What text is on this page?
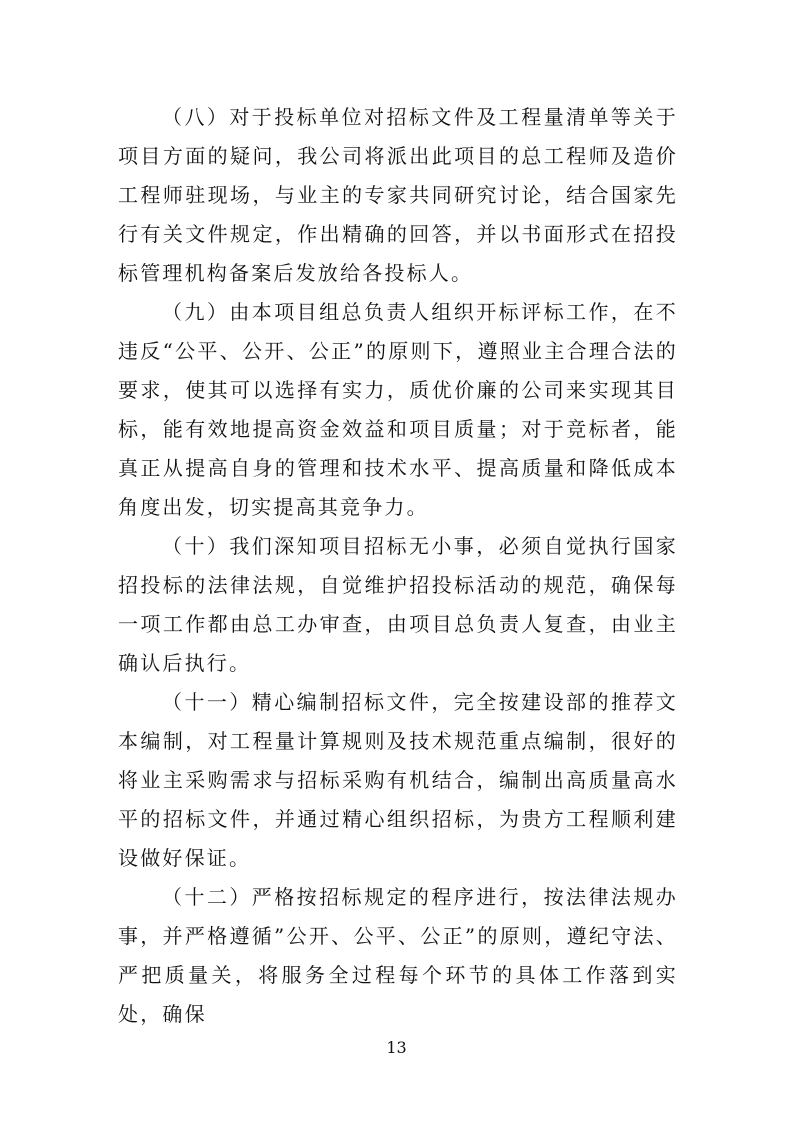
（八）对于投标单位对招标文件及工程量清单等关于项目方面的疑问，我公司将派出此项目的总工程师及造价工程师驻现场，与业主的专家共同研究讨论，结合国家先行有关文件规定，作出精确的回答，并以书面形式在招投标管理机构备案后发放给各投标人。

（九）由本项目组总负责人组织开标评标工作，在不违反“公平、公开、公正”的原则下，遵照业主合理合法的要求，使其可以选择有实力，质优价廉的公司来实现其目标，能有效地提高资金效益和项目质量；对于竞标者，能真正从提高自身的管理和技术水平、提高质量和降低成本角度出发，切实提高其竞争力。

（十）我们深知项目招标无小事，必须自觉执行国家招投标的法律法规，自觉维护招投标活动的规范，确保每一项工作都由总工办审查，由项目总负责人复查，由业主确认后执行。

（十一）精心编制招标文件，完全按建设部的推荐文本编制，对工程量计算规则及技术规范重点编制，很好的将业主采购需求与招标采购有机结合，编制出高质量高水平的招标文件，并通过精心组织招标，为贵方工程顺利建设做好保证。

（十二）严格按招标规定的程序进行，按法律法规办事，并严格遵循”公开、公平、公正”的原则，遵纪守法、严把质量关，将服务全过程每个环节的具体工作落到实处，确保

13
